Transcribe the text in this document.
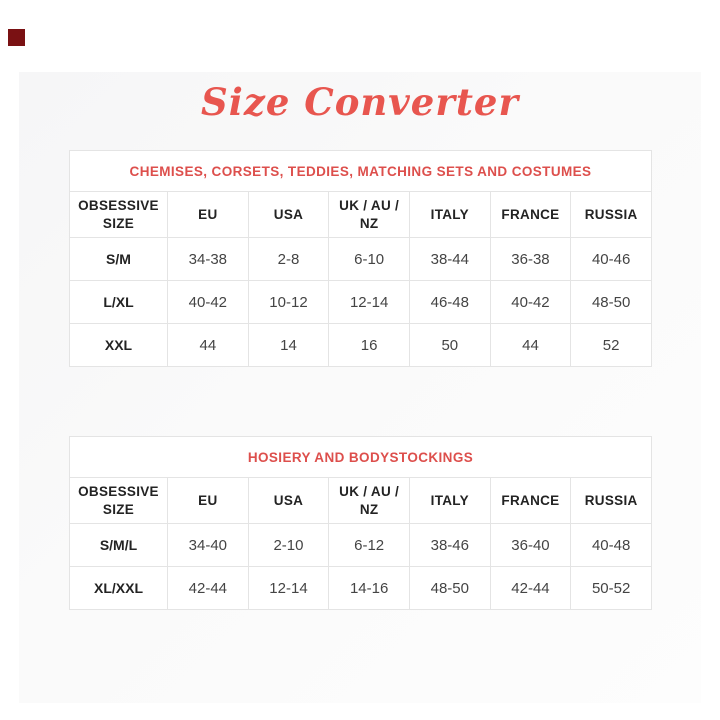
Size Converter
CHEMISES, CORSETS, TEDDIES, MATCHING SETS AND COSTUMES						
OBSESSIVE SIZE	EU	USA	UK / AU / NZ	ITALY	FRANCE	RUSSIA
S/M	34-38	2-8	6-10	38-44	36-38	40-46
L/XL	40-42	10-12	12-14	46-48	40-42	48-50
XXL	44	14	16	50	44	52
HOSIERY AND BODYSTOCKINGS						
OBSESSIVE SIZE	EU	USA	UK / AU / NZ	ITALY	FRANCE	RUSSIA
S/M/L	34-40	2-10	6-12	38-46	36-40	40-48
XL/XXL	42-44	12-14	14-16	48-50	42-44	50-52
